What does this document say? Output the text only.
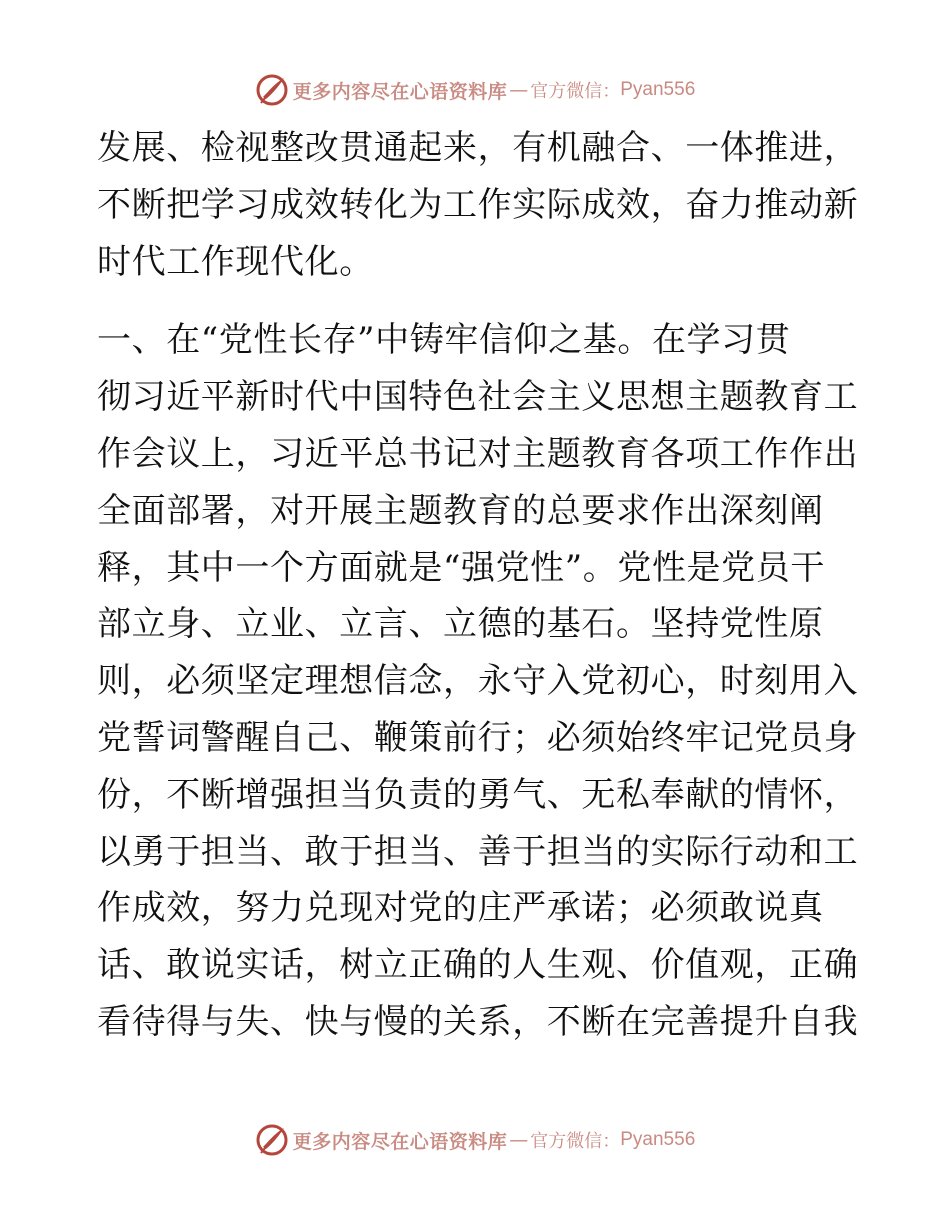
更多内容尽在心语资料库 — 官方微信： Pyan556
发展、检视整改贯通起来，有机融合、一体推进，
不断把学习成效转化为工作实际成效，奋力推动新
时代工作现代化。
一、在“党性长存”中铸牢信仰之基。在学习贯
彻习近平新时代中国特色社会主义思想主题教育工
作会议上，习近平总书记对主题教育各项工作作出
全面部署，对开展主题教育的总要求作出深刻阐
释，其中一个方面就是“强党性”。党性是党员干
部立身、立业、立言、立德的基石。坚持党性原
则，必须坚定理想信念，永守入党初心，时刻用入
党誓词警醒自己、鞭策前行；必须始终牢记党员身
份，不断增强担当负责的勇气、无私奉献的情怀，
以勇于担当、敢于担当、善于担当的实际行动和工
作成效，努力兑现对党的庄严承诺；必须敢说真
话、敢说实话，树立正确的人生观、价值观，正确
看待得与失、快与慢的关系，不断在完善提升自我
更多内容尽在心语资料库 — 官方微信： Pyan556
